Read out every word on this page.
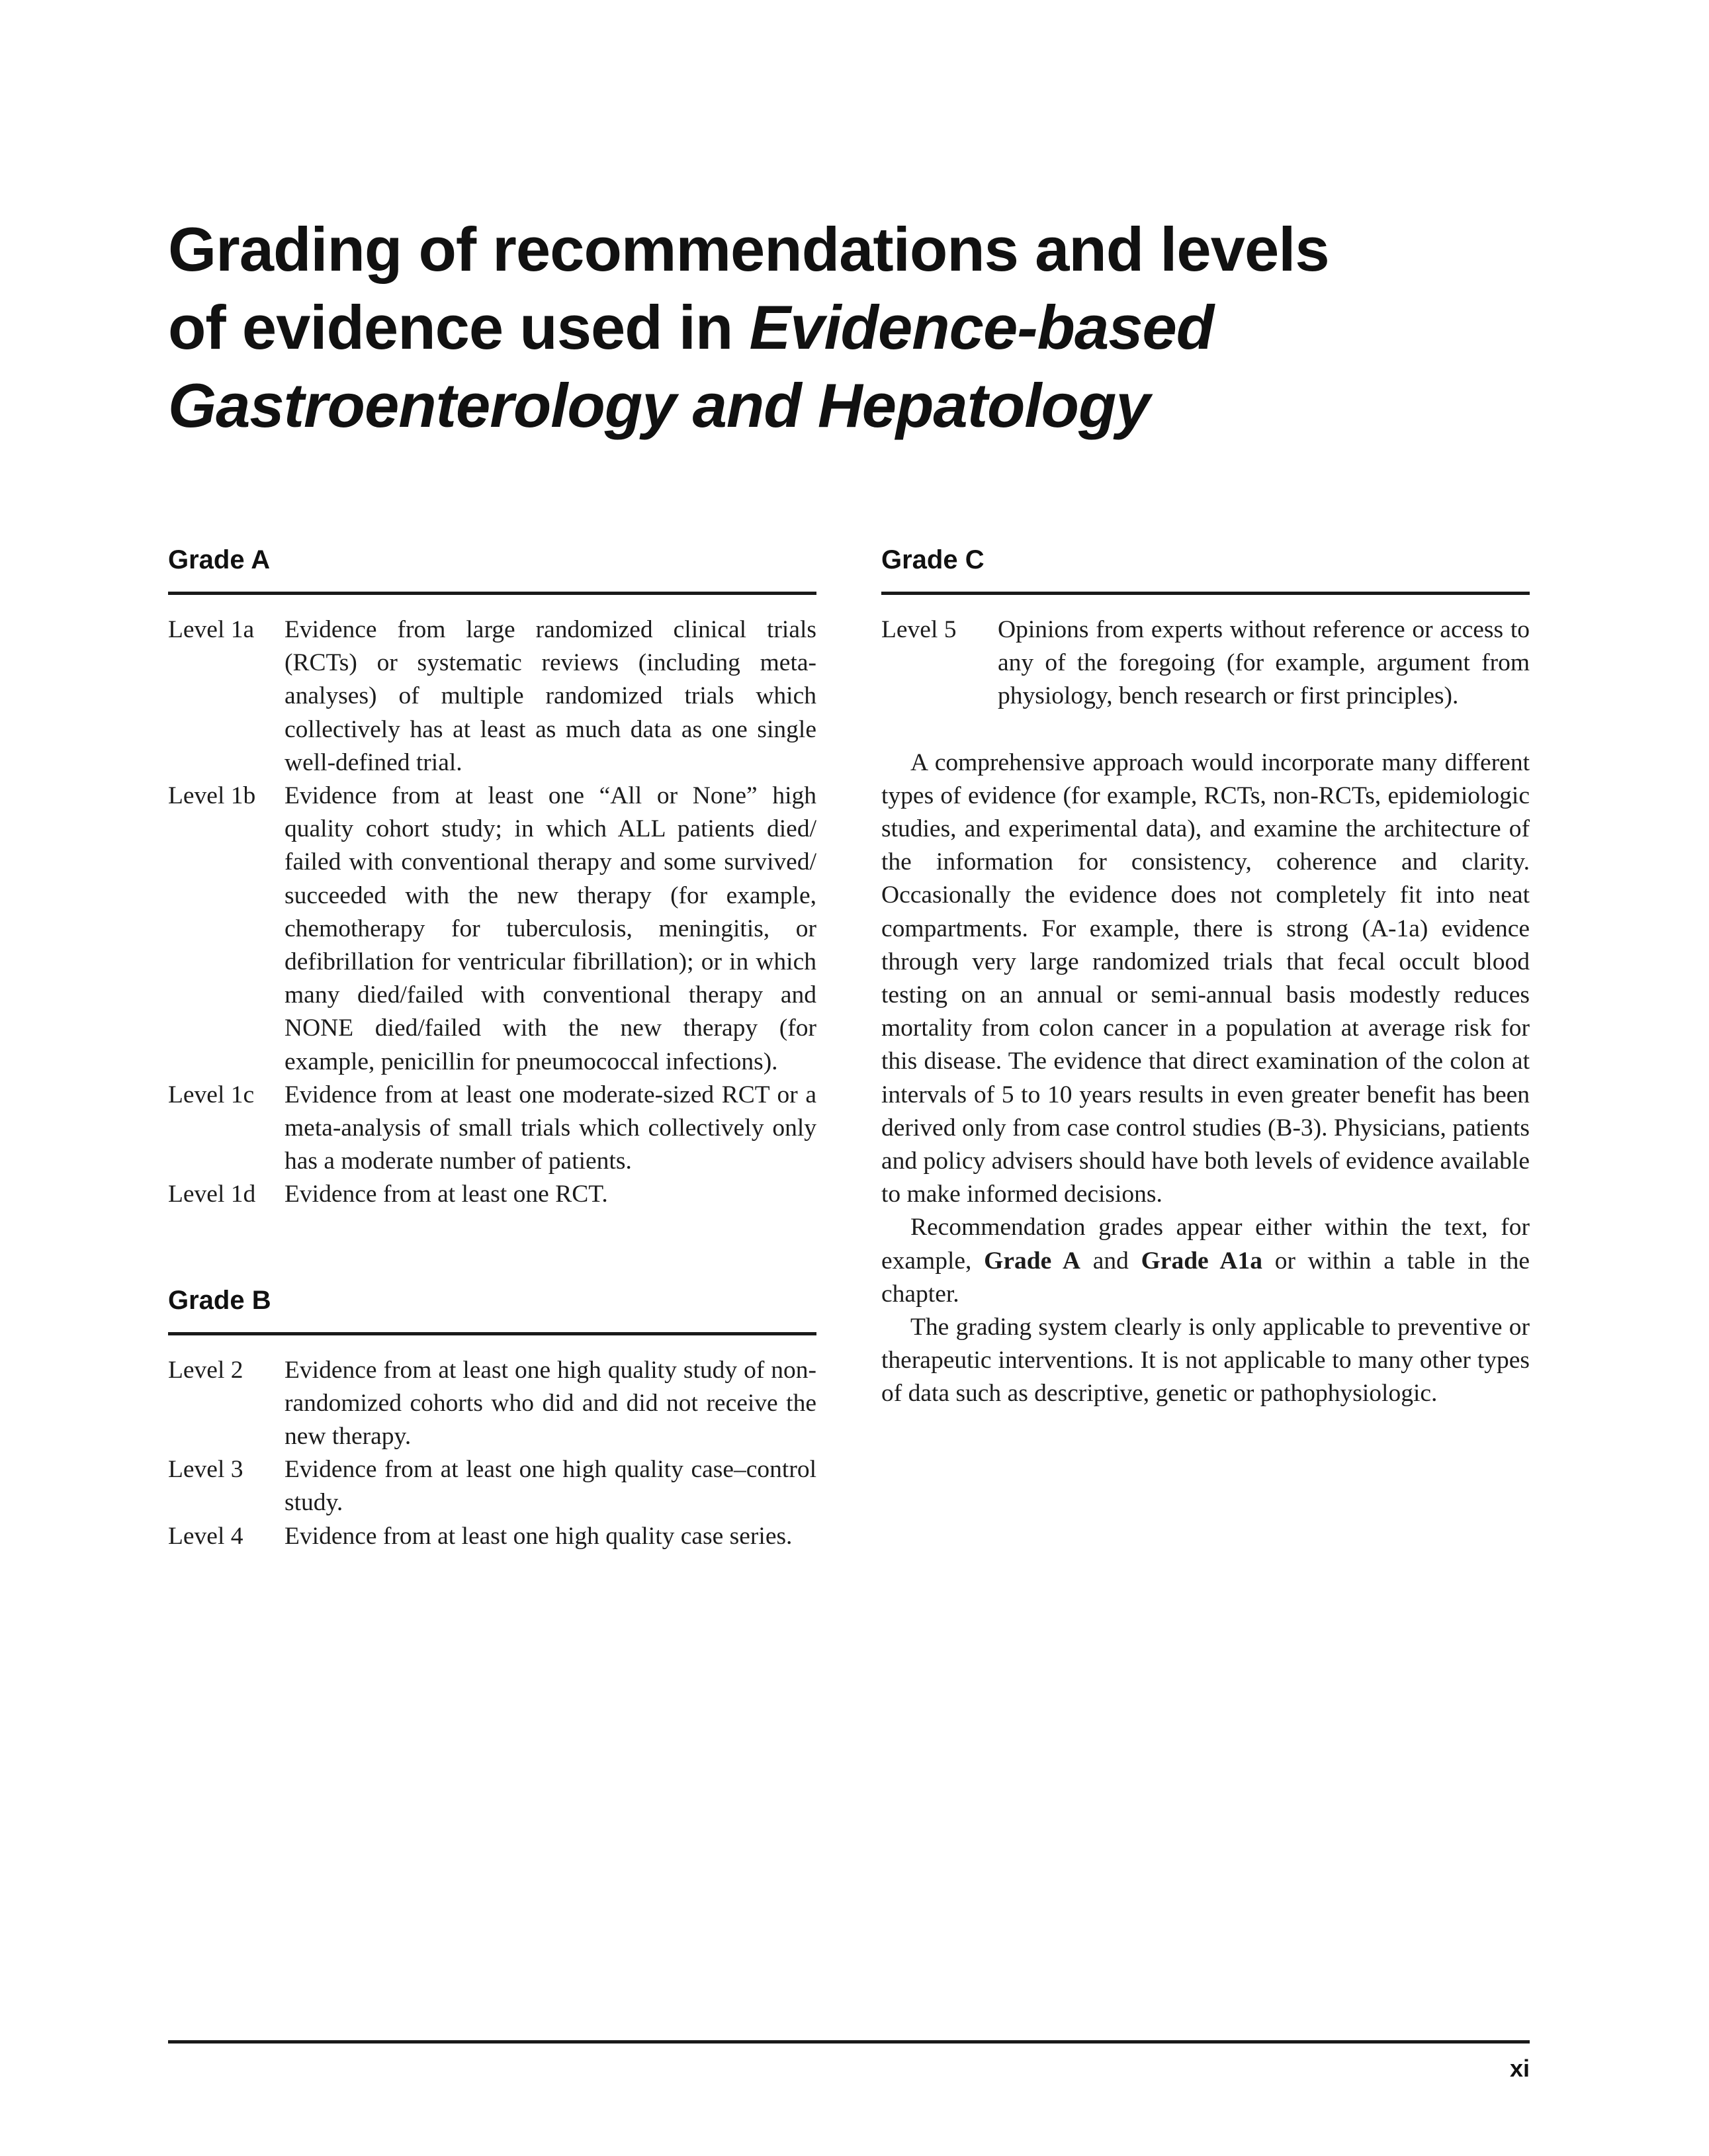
Grading of recommendations and levels
of evidence used in Evidence-based
Gastroenterology and Hepatology
Grade A
Level 1a	Evidence from large randomized clinical trials (RCTs) or systematic reviews (including meta-analyses) of multiple randomized trials which collectively has at least as much data as one single well-defined trial.
Level 1b	Evidence from at least one “All or None” high quality cohort study; in which ALL patients died/ failed with conventional therapy and some survived/ succeeded with the new therapy (for example, chemotherapy for tuberculosis, meningitis, or defibrillation for ventricular fibrillation); or in which many died/failed with conventional therapy and NONE died/failed with the new therapy (for example, penicillin for pneumococcal infections).
Level 1c	Evidence from at least one moderate-sized RCT or a meta-analysis of small trials which collectively only has a moderate number of patients.
Level 1d	Evidence from at least one RCT.
Grade B
Level 2	Evidence from at least one high quality study of non-randomized cohorts who did and did not receive the new therapy.
Level 3	Evidence from at least one high quality case–control study.
Level 4	Evidence from at least one high quality case series.
Grade C
Level 5	Opinions from experts without reference or access to any of the foregoing (for example, argument from physiology, bench research or first principles).

A comprehensive approach would incorporate many different types of evidence (for example, RCTs, non-RCTs, epidemiologic studies, and experimental data), and examine the architecture of the information for consistency, coherence and clarity. Occasionally the evidence does not completely fit into neat compartments. For example, there is strong (A-1a) evidence through very large randomized trials that fecal occult blood testing on an annual or semi-annual basis modestly reduces mortality from colon cancer in a population at average risk for this disease. The evidence that direct examination of the colon at intervals of 5 to 10 years results in even greater benefit has been derived only from case control studies (B-3). Physicians, patients and policy advisers should have both levels of evidence available to make informed decisions.

Recommendation grades appear either within the text, for example, Grade A and Grade A1a or within a table in the chapter.

The grading system clearly is only applicable to preventive or therapeutic interventions. It is not applicable to many other types of data such as descriptive, genetic or pathophysiologic.

xi
